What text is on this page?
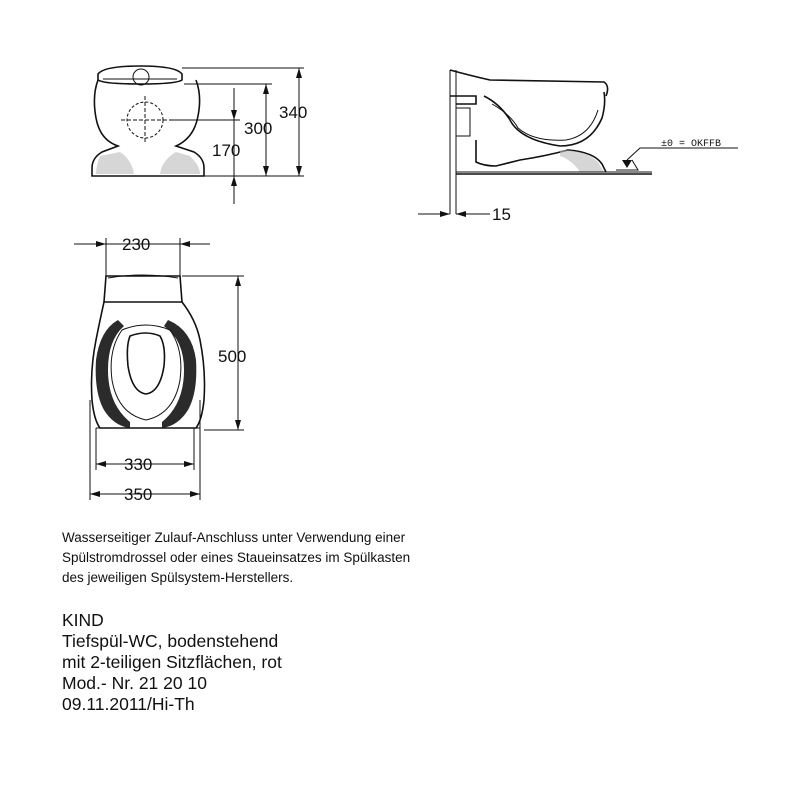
340
300
170	±0 = OKFFB
15
230
500
330
350

Wasserseitiger Zulauf-Anschluss unter Verwendung einer

Spülstromdrossel oder eines Staueinsatzes im Spülkasten

des jeweiligen Spülsystem-Herstellers.

KIND
Tiefspül-WC, bodenstehend
mit 2-teiligen Sitzflächen, rot
Mod.- Nr. 21 20 10
09.11.2011/Hi-Th
